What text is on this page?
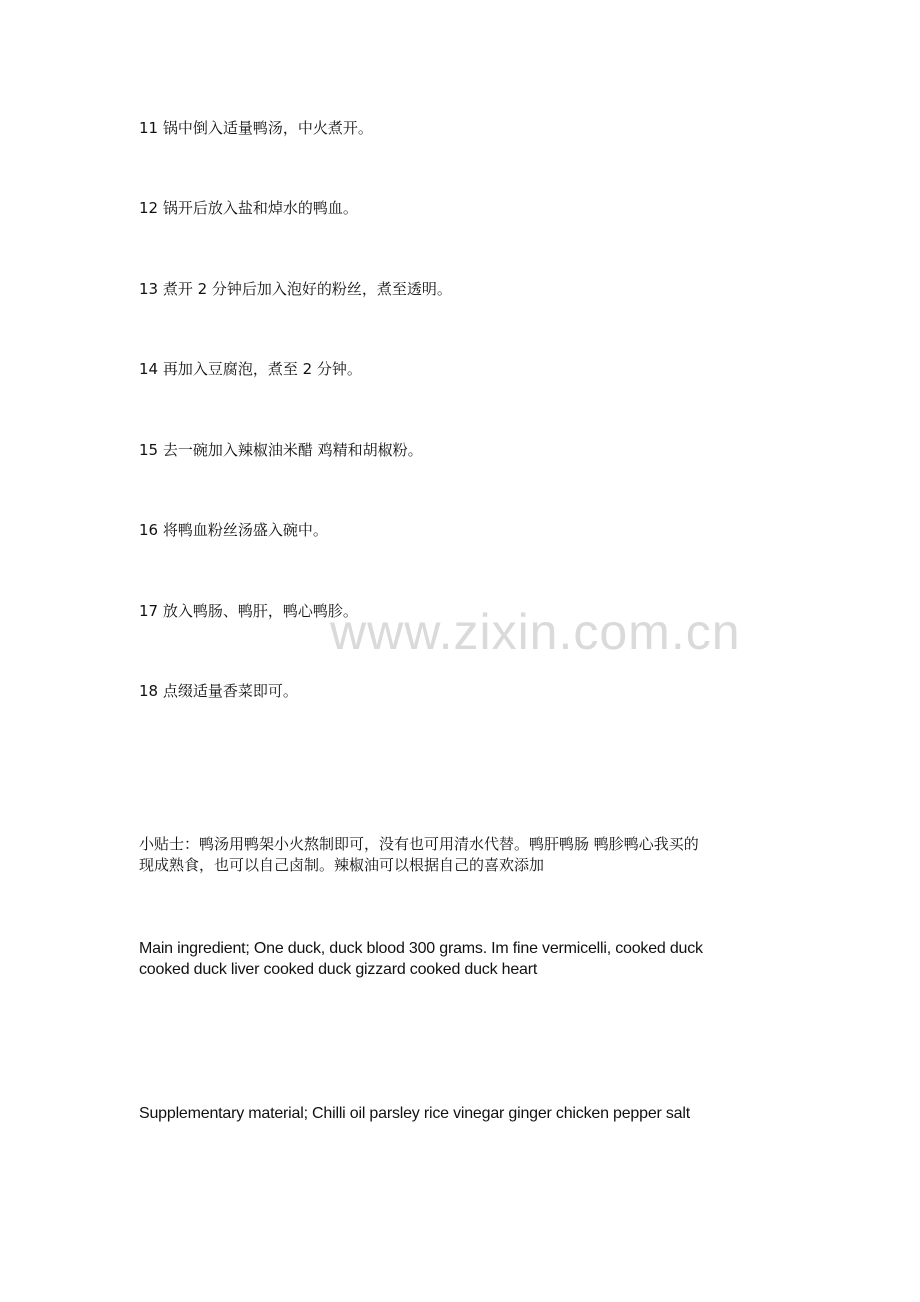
11 锅中倒入适量鸭汤，中火煮开。
12 锅开后放入盐和焯水的鸭血。
13 煮开 2 分钟后加入泡好的粉丝，煮至透明。
14 再加入豆腐泡，煮至 2 分钟。
15 去一碗加入辣椒油米醋 鸡精和胡椒粉。
16 将鸭血粉丝汤盛入碗中。
17 放入鸭肠、鸭肝，鸭心鸭胗。
18 点缀适量香菜即可。
小贴士：鸭汤用鸭架小火熬制即可，没有也可用清水代替。鸭肝鸭肠 鸭胗鸭心我买的
现成熟食，也可以自己卤制。辣椒油可以根据自己的喜欢添加
Main ingredient; One duck, duck blood 300 grams. Im fine vermicelli, cooked duck
cooked duck liver cooked duck gizzard cooked duck heart
Supplementary material; Chilli oil parsley rice vinegar ginger chicken pepper salt
www.zixin.com.cn
